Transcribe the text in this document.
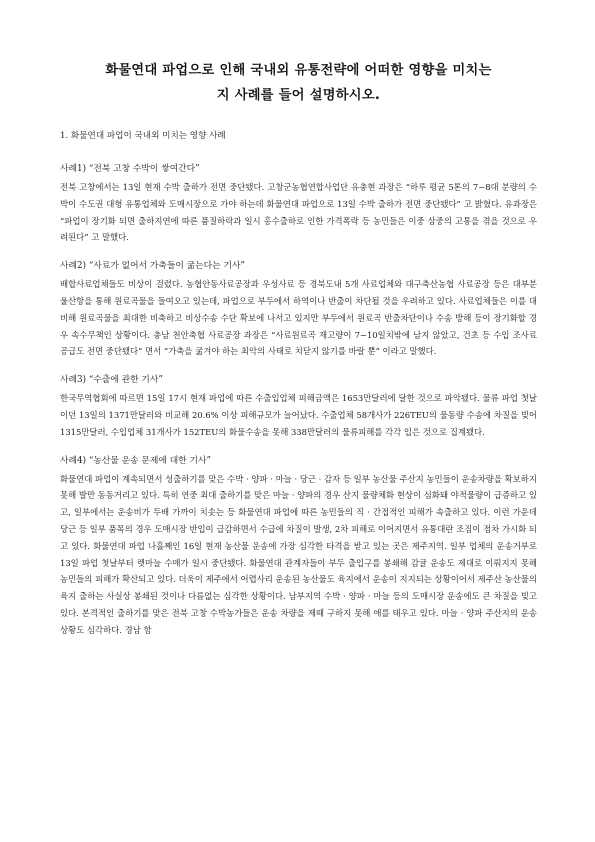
화물연대 파업으로 인해 국내외 유통전략에 어떠한 영향을 미치는
지 사례를 들어 설명하시오.
1. 화물연대 파업이 국내외 미치는 영향 사례
사례1) “전북 고창 수박이 쌓여간다”

전북 고창에서는 13일 현재 수박 출하가 전면 중단됐다. 고창군농협연합사업단 유충현 과장은 “하루 평균 5톤의 7~8대 분량의 수박이 수도권 대형 유통업체와 도매시장으로 가야 하는데 화물연대 파업으로 13일 수박 출하가 전면 중단됐다” 고 밝혔다. 유과장은 “파업이 장기화 되면 출하지연에 따른 품질하락과 일시 홍수출하로 인한 가격폭락 등 농민들은 이중 삼중의 고통을 겪을 것으로 우려된다” 고 말했다.

사례2) “사료가 없어서 가축들이 굶는다는 기사”

배합사료업체들도 비상이 걸렸다. 농협안동사료공장과 우성사료 등 경북도내 5개 사료업체와 대구축산농협 사료공장 등은 대부분 울산항을 통해 원료곡물을 들여오고 있는데, 파업으로 부두에서 하역이나 반출이 차단될 것을 우려하고 있다. 사료업체들은 이를 대비해 원료곡물을 최대한 비축하고 비상수송 수단 확보에 나서고 있지만 부두에서 원료곡 반출차단이나 수송 방해 등이 장기화할 경우 속수무책인 상황이다. 충남 천안축협 사료공장 과장은 “사료원료곡 재고량이 7~10일치밖에 남지 않았고, 건초 등 수입 조사료 공급도 전면 중단됐다” 면서 “가축을 굶겨야 하는 최악의 사태로 치닫지 않기를 바랄 뿐” 이라고 말했다.

사례3) “수출에 관한 기사”

한국무역협회에 따르면 15일 17시 현재 파업에 따른 수출입업체 피해금액은 1653만달러에 달한 것으로 파악됐다. 물류 파업 첫날이던 13일의 1371만달러와 비교해 20.6% 이상 피해규모가 늘어났다. 수출업체 58개사가 226TEU의 물동량 수송에 차질을 빚어 1315만달러, 수입업체 31개사가 152TEU의 화물수송을 못해 338만달러의 물류피해를 각각 입은 것으로 집계됐다.

사례4) “농산물 운송 문제에 대한 기사”

화물연대 파업이 계속되면서 성출하기를 맞은 수박 · 양파 · 마늘 · 당근 · 감자 등 일부 농산물 주산지 농민들이 운송차량을 확보하지 못해 발만 동동거리고 있다. 특히 연중 최대 출하기를 맞은 마늘 · 양파의 경우 산지 물량체화 현상이 심화돼 야적물량이 급증하고 있고, 일부에서는 운송비가 두배 가까이 치솟는 등 화물연대 파업에 따른 농민들의 직 · 간접적인 피해가 속출하고 있다. 이런 가운데 당근 등 일부 품목의 경우 도매시장 반입이 급감하면서 수급에 차질이 발생, 2차 피해로 이어지면서 유통대란 조짐이 점차 가시화 되고 있다. 화물연대 파업 나흘째인 16일 현재 농산물 운송에 가장 심각한 타격을 받고 있는 곳은 제주지역. 일부 업체의 운송거부로 13일 파업 첫날부터 렛마늘 수매가 일시 중단됐다. 화물연대 관계자들이 부두 출입구를 봉쇄해 감귤 운송도 제대로 이뤄지지 못해 농민들의 피해가 확산되고 있다. 더욱이 제주에서 어렵사리 운송된 농산물도 육지에서 운송이 지지되는 상황이어서 제주산 농산물의 육지 출하는 사실상 봉쇄된 것이나 다름없는 심각한 상황이다. 남부지역 수박 · 양파 · 마늘 등의 도매시장 운송에도 큰 차질을 빚고 있다. 본격적인 출하기를 맞은 전북 고창 수박농가들은 운송 차량을 제때 구하지 못해 애를 태우고 있다. 마늘 · 양파 주산지의 운송상황도 심각하다. 경남 함
